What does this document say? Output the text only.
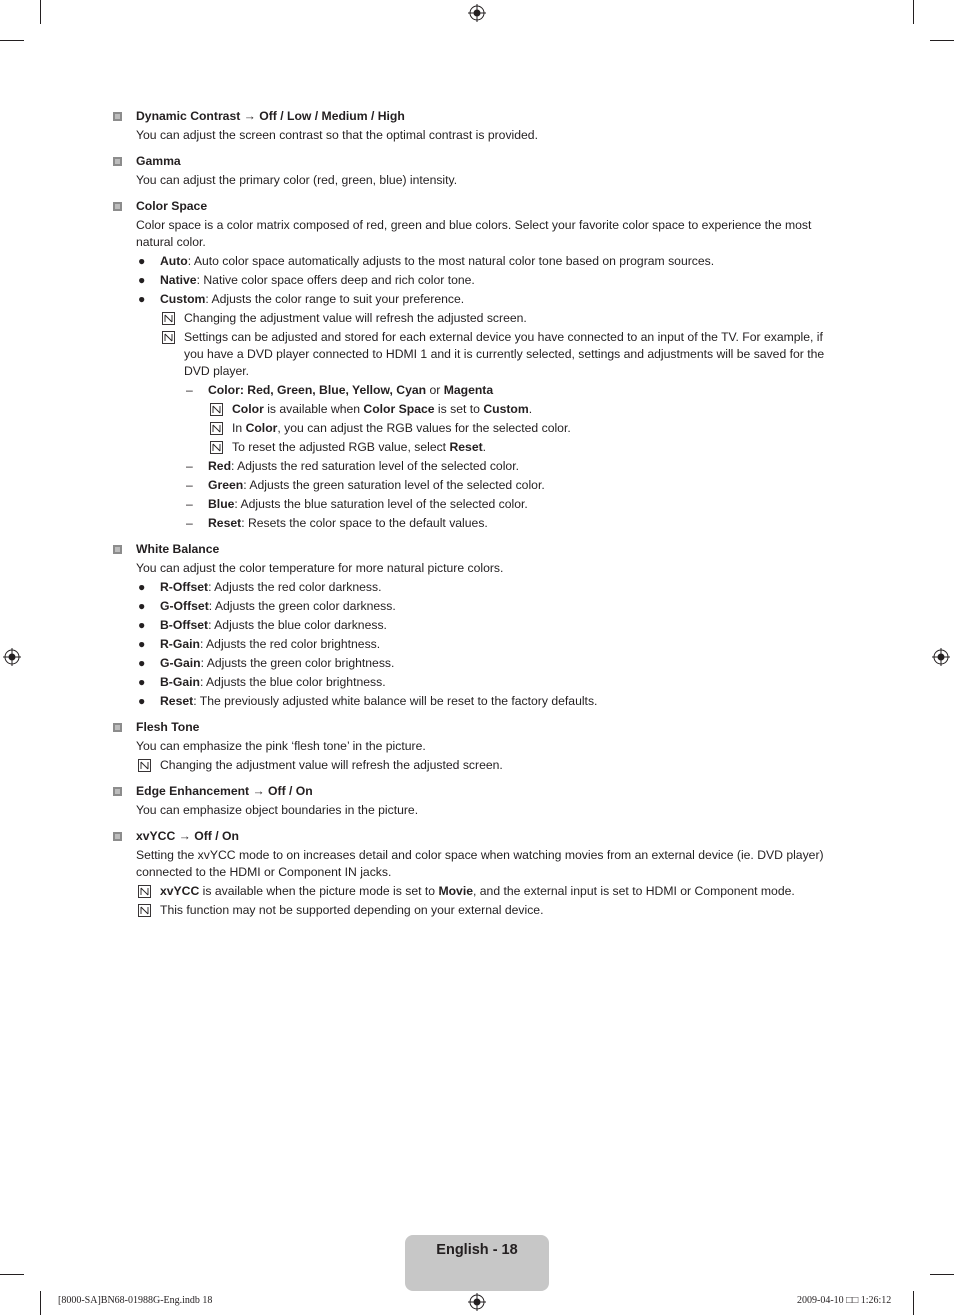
Dynamic Contrast → Off / Low / Medium / High
You can adjust the screen contrast so that the optimal contrast is provided.
Gamma
You can adjust the primary color (red, green, blue) intensity.
Color Space
Color space is a color matrix composed of red, green and blue colors. Select your favorite color space to experience the most natural color.
● Auto: Auto color space automatically adjusts to the most natural color tone based on program sources.
● Native: Native color space offers deep and rich color tone.
● Custom: Adjusts the color range to suit your preference.
Changing the adjustment value will refresh the adjusted screen.
Settings can be adjusted and stored for each external device you have connected to an input of the TV. For example, if you have a DVD player connected to HDMI 1 and it is currently selected, settings and adjustments will be saved for the DVD player.
– Color: Red, Green, Blue, Yellow, Cyan or Magenta
Color is available when Color Space is set to Custom.
In Color, you can adjust the RGB values for the selected color.
To reset the adjusted RGB value, select Reset.
– Red: Adjusts the red saturation level of the selected color.
– Green: Adjusts the green saturation level of the selected color.
– Blue: Adjusts the blue saturation level of the selected color.
– Reset: Resets the color space to the default values.
White Balance
You can adjust the color temperature for more natural picture colors.
● R-Offset: Adjusts the red color darkness.
● G-Offset: Adjusts the green color darkness.
● B-Offset: Adjusts the blue color darkness.
● R-Gain: Adjusts the red color brightness.
● G-Gain: Adjusts the green color brightness.
● B-Gain: Adjusts the blue color brightness.
● Reset: The previously adjusted white balance will be reset to the factory defaults.
Flesh Tone
You can emphasize the pink ‘flesh tone’ in the picture.
Changing the adjustment value will refresh the adjusted screen.
Edge Enhancement → Off / On
You can emphasize object boundaries in the picture.
xvYCC → Off / On
Setting the xvYCC mode to on increases detail and color space when watching movies from an external device (ie. DVD player) connected to the HDMI or Component IN jacks.
xvYCC is available when the picture mode is set to Movie, and the external input is set to HDMI or Component mode.
This function may not be supported depending on your external device.
English - 18
[8000-SA]BN68-01988G-Eng.indb 18	2009-04-10 □□ 1:26:12
